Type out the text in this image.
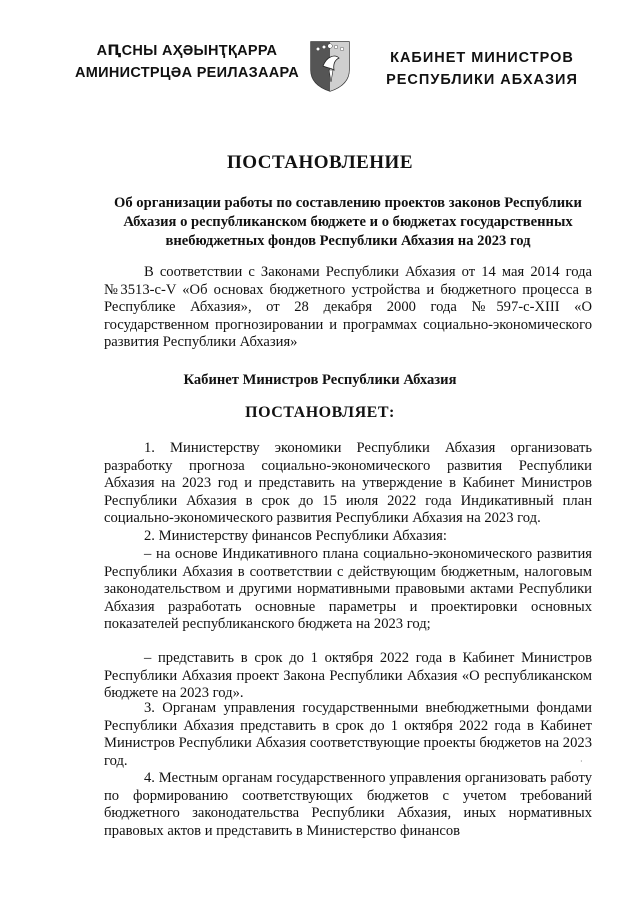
АԤСНЫ АҲӘЫНҬҚАРРА
АМИНИСТРЦӘА РЕИЛАЗААРА
КАБИНЕТ МИНИСТРОВ
РЕСПУБЛИКИ АБХАЗИЯ
ПОСТАНОВЛЕНИЕ
Об организации работы по составлению проектов законов Республики Абхазия о республиканском бюджете и о бюджетах государственных внебюджетных фондов Республики Абхазия на 2023 год

В соответствии с Законами Республики Абхазия от 14 мая 2014 года №3513-с-V «Об основах бюджетного устройства и бюджетного процесса в Республике Абхазия», от 28 декабря 2000 года №597-с-XIII «О государственном прогнозировании и программах социально-экономического развития Республики Абхазия»

Кабинет Министров Республики Абхазия
ПОСТАНОВЛЯЕТ:

1. Министерству экономики Республики Абхазия организовать разработку прогноза социально-экономического развития Республики Абхазия на 2023 год и представить на утверждение в Кабинет Министров Республики Абхазия в срок до 15 июля 2022 года Индикативный план социально-экономического развития Республики Абхазия на 2023 год.

2. Министерству финансов Республики Абхазия:

– на основе Индикативного плана социально-экономического развития Республики Абхазия в соответствии с действующим бюджетным, налоговым законодательством и другими нормативными правовыми актами Республики Абхазия разработать основные параметры и проектировки основных показателей республиканского бюджета на 2023 год;

– представить в срок до 1 октября 2022 года в Кабинет Министров Республики Абхазия проект Закона Республики Абхазия «О республиканском бюджете на 2023 год».

3. Органам управления государственными внебюджетными фондами Республики Абхазия представить в срок до 1 октября 2022 года в Кабинет Министров Республики Абхазия соответствующие проекты бюджетов на 2023 год.	·

4. Местным органам государственного управления организовать работу по формированию соответствующих бюджетов с учетом требований бюджетного законодательства Республики Абхазия, иных нормативных правовых актов и представить в Министерство финансов
